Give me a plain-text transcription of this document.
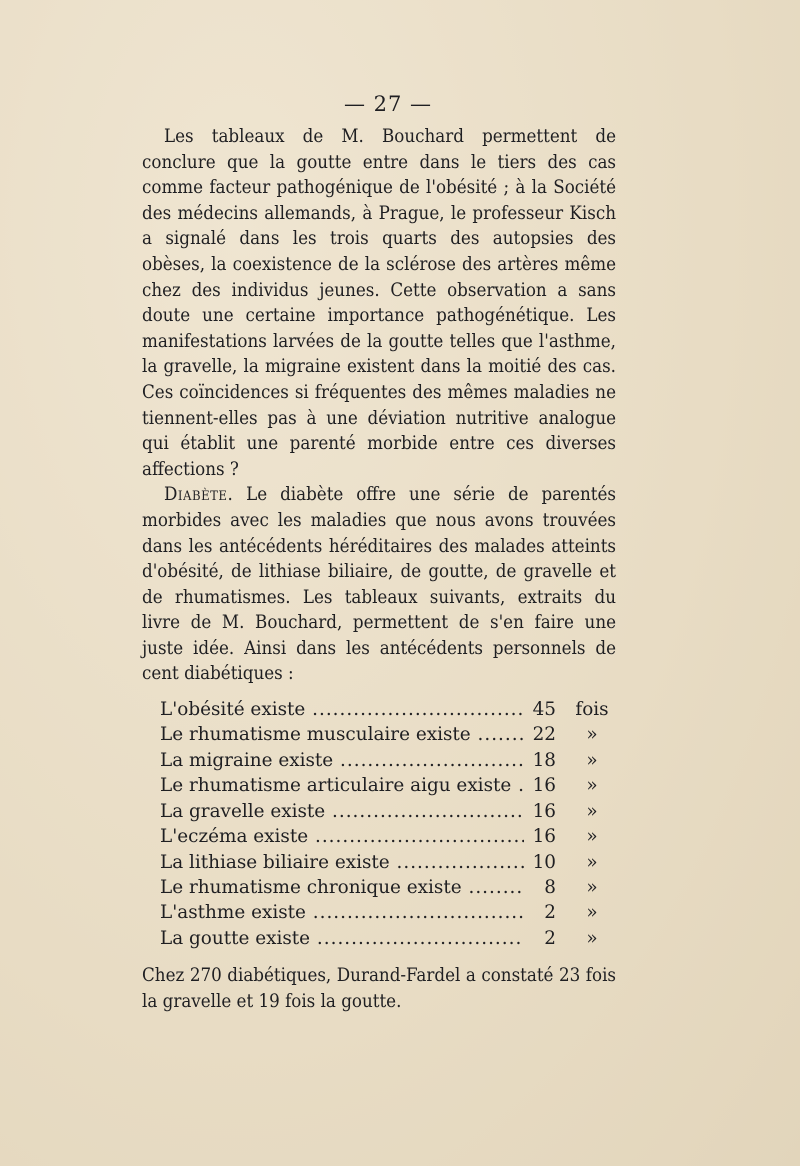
— 27 —

Les tableaux de M. Bouchard permettent de conclure que la goutte entre dans le tiers des cas comme facteur pathogénique de l'obésité ; à la Société des médecins allemands, à Prague, le professeur Kisch a signalé dans les trois quarts des autopsies des obèses, la coexistence de la sclérose des artères même chez des individus jeunes. Cette observation a sans doute une certaine importance pathogénétique. Les manifestations larvées de la goutte telles que l'asthme, la gravelle, la migraine existent dans la moitié des cas. Ces coïncidences si fréquentes des mêmes maladies ne tiennent-elles pas à une déviation nutritive analogue qui établit une parenté morbide entre ces diverses affections ?

Diabète. Le diabète offre une série de parentés morbides avec les maladies que nous avons trouvées dans les antécédents héréditaires des malades atteints d'obésité, de lithiase biliaire, de goutte, de gravelle et de rhumatismes. Les tableaux suivants, extraits du livre de M. Bouchard, permettent de s'en faire une juste idée. Ainsi dans les antécédents personnels de cent diabétiques :

L'obésité existe .....	45	fois
Le rhumatisme musculaire existe .....	22	»
La migraine existe .....	18	»
Le rhumatisme articulaire aigu existe .....	16	»
La gravelle existe .....	16	»
L'eczéma existe .....	16	»
La lithiase biliaire existe .....	10	»
Le rhumatisme chronique existe .....	8	»
L'asthme existe .....	2	»
La goutte existe .....	2	»

Chez 270 diabétiques, Durand-Fardel a constaté 23 fois la gravelle et 19 fois la goutte.
